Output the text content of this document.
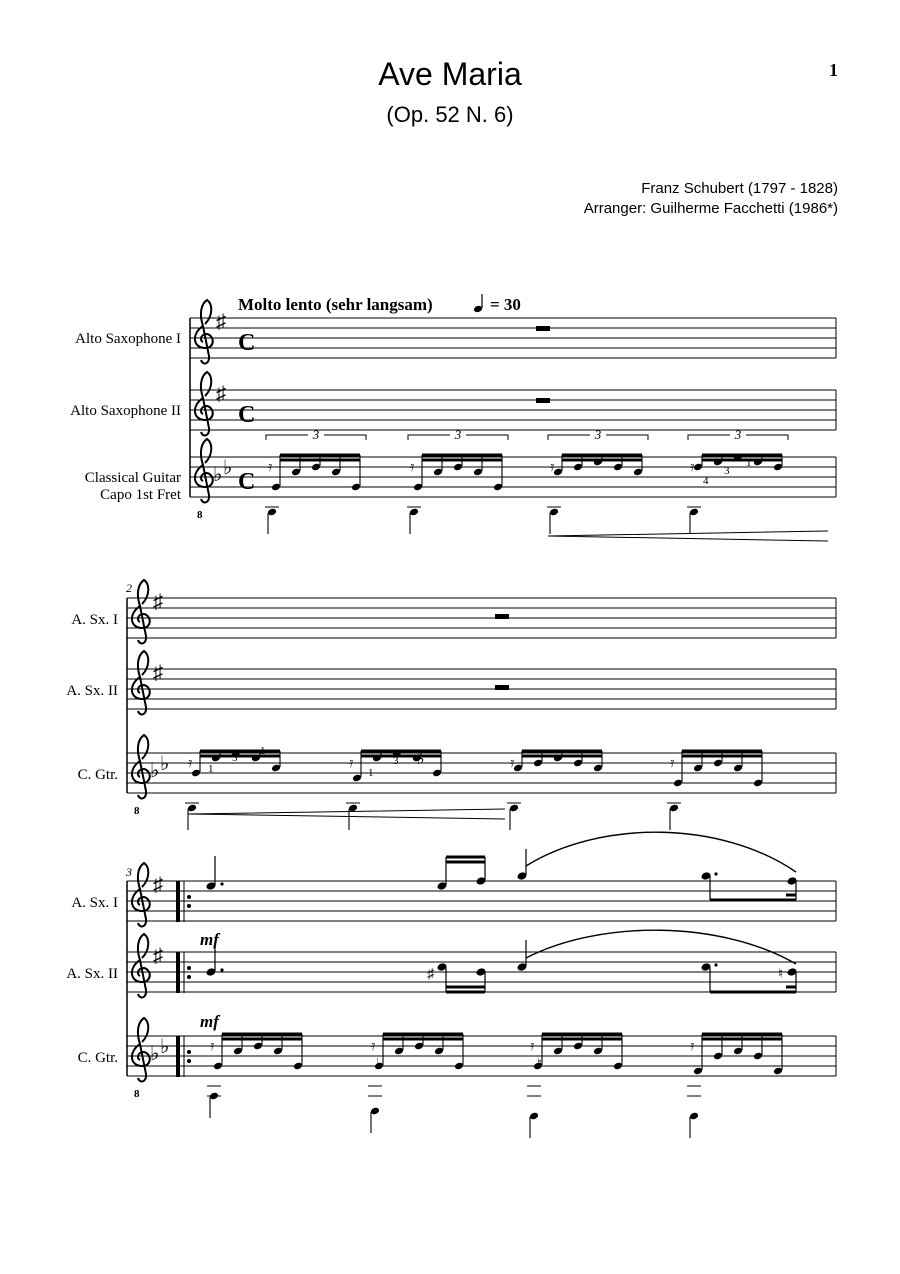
Ave Maria
(Op. 52 N. 6)
1
Franz Schubert (1797 - 1828)
Arranger: Guilherme Facchetti (1986*)
Molto lento (sehr langsam)	= 30
Alto Saxophone I
Alto Saxophone II
Classical Guitar
Capo 1st Fret
8
♯
♯
♭ ♭
C
C
C
𝄿
3
𝄿
3
𝄿
3
𝄿
3
4
3
1
2
A. Sx. I
A. Sx. II
C. Gtr.
8
♯
♯
♭ ♭ 𝄿	𝄿	𝄿	𝄿
1
3
1
1
3 ♭
3
A. Sx. I
A. Sx. II
C. Gtr.
8
♯
♯
♭ ♭
mf
♯	♮
mf
𝄿	𝄿	𝄿	𝄿
♭	♮
